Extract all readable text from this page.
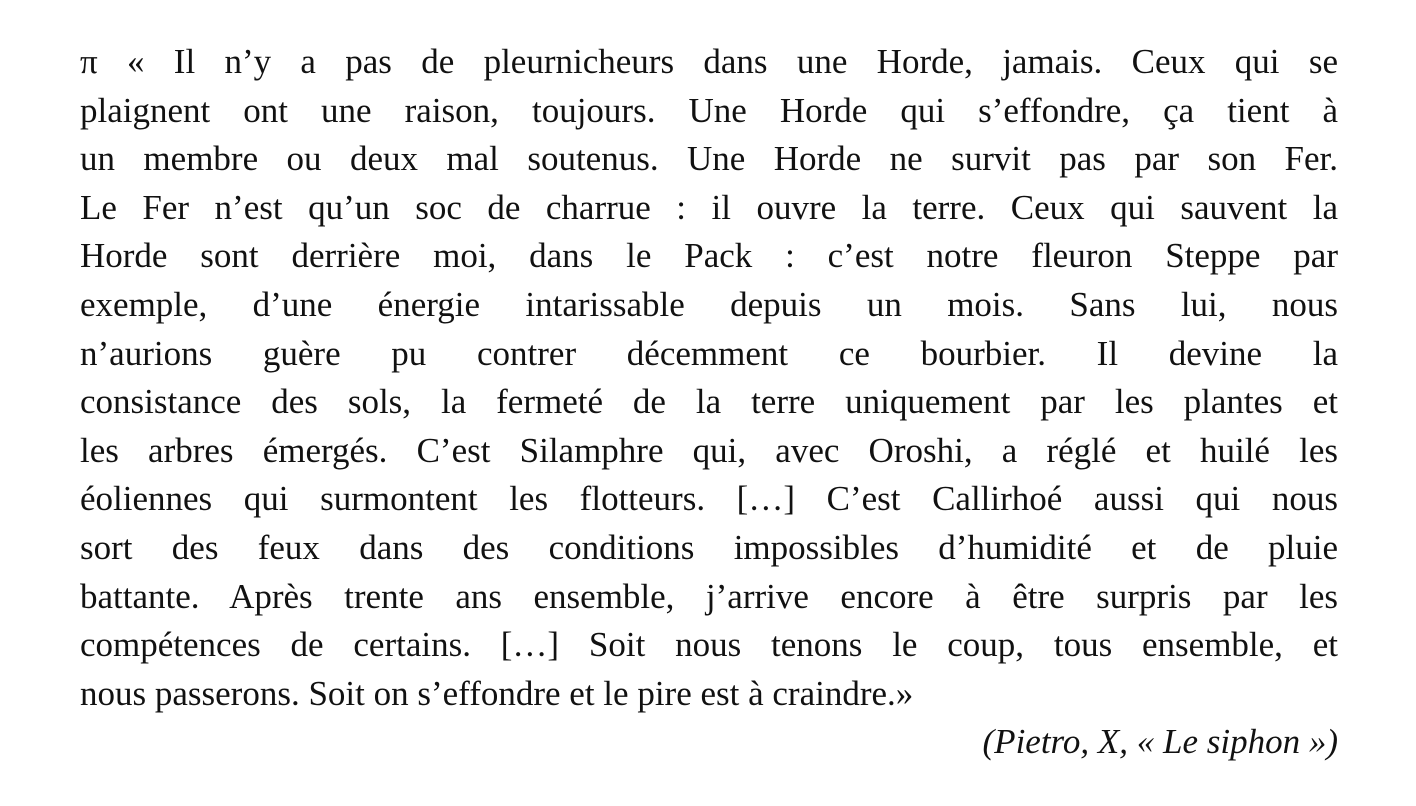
π « Il n’y a pas de pleurnicheurs dans une Horde, jamais. Ceux qui se
plaignent ont une raison, toujours. Une Horde qui s’effondre, ça tient à
un membre ou deux mal soutenus. Une Horde ne survit pas par son Fer.
Le Fer n’est qu’un soc de charrue : il ouvre la terre. Ceux qui sauvent la
Horde sont derrière moi, dans le Pack : c’est notre fleuron Steppe par
exemple, d’une énergie intarissable depuis un mois. Sans lui, nous
n’aurions guère pu contrer décemment ce bourbier. Il devine la
consistance des sols, la fermeté de la terre uniquement par les plantes et
les arbres émergés. C’est Silamphre qui, avec Oroshi, a réglé et huilé les
éoliennes qui surmontent les flotteurs. […] C’est Callirhoé aussi qui nous
sort des feux dans des conditions impossibles d’humidité et de pluie
battante. Après trente ans ensemble, j’arrive encore à être surpris par les
compétences de certains. […] Soit nous tenons le coup, tous ensemble, et
nous passerons. Soit on s’effondre et le pire est à craindre.»
(Pietro, X, « Le siphon »)
